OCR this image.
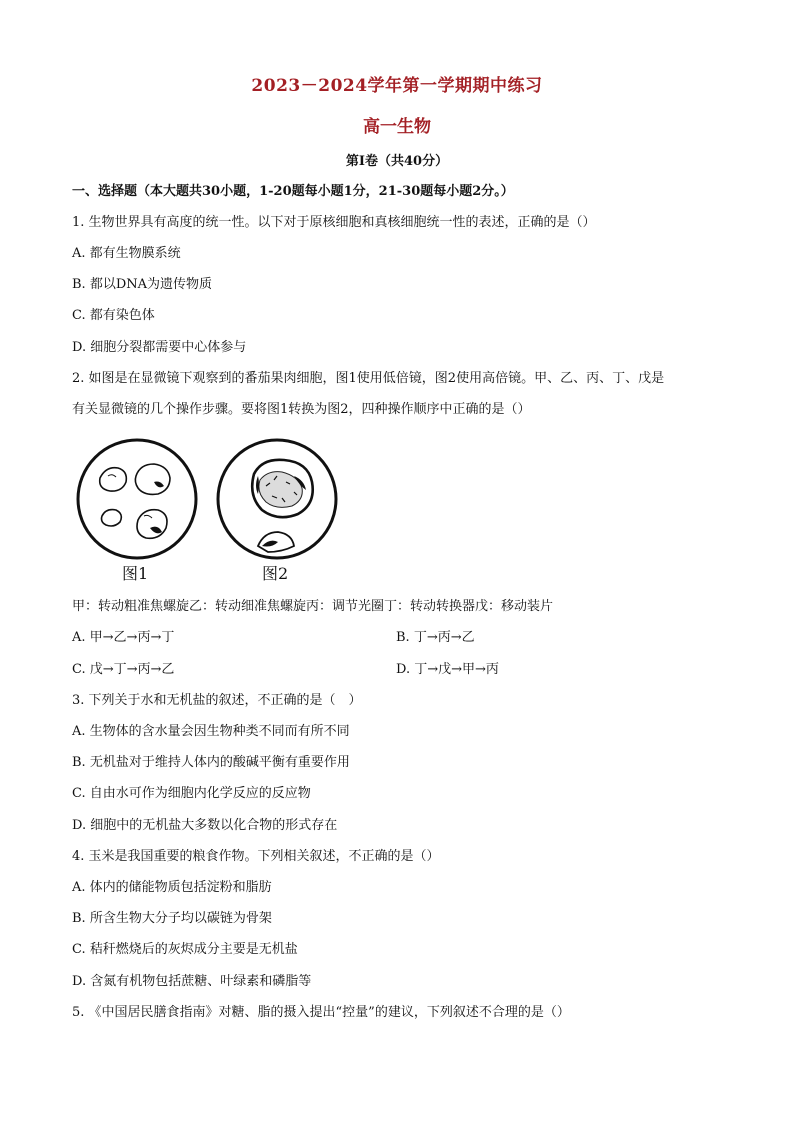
2023－2024学年第一学期期中练习
高一生物
第Ⅰ卷（共40分）
一、选择题（本大题共30小题，1-20题每小题1分，21-30题每小题2分。）
1. 生物世界具有高度的统一性。以下对于原核细胞和真核细胞统一性的表述，正确的是（）
A. 都有生物膜系统
B. 都以DNA为遗传物质
C. 都有染色体
D. 细胞分裂都需要中心体参与
2. 如图是在显微镜下观察到的番茄果肉细胞，图1使用低倍镜，图2使用高倍镜。甲、乙、丙、丁、戊是
有关显微镜的几个操作步骤。要将图1转换为图2，四种操作顺序中正确的是（）
图1	图2
甲：转动粗准焦螺旋乙：转动细准焦螺旋丙：调节光圈丁：转动转换器戊：移动装片
A. 甲→乙→丙→丁	B. 丁→丙→乙
C. 戊→丁→丙→乙	D. 丁→戊→甲→丙
3. 下列关于水和无机盐的叙述，不正确的是（　）
A. 生物体的含水量会因生物种类不同而有所不同
B. 无机盐对于维持人体内的酸碱平衡有重要作用
C. 自由水可作为细胞内化学反应的反应物
D. 细胞中的无机盐大多数以化合物的形式存在
4. 玉米是我国重要的粮食作物。下列相关叙述，不正确的是（）
A. 体内的储能物质包括淀粉和脂肪
B. 所含生物大分子均以碳链为骨架
C. 秸秆燃烧后的灰烬成分主要是无机盐
D. 含氮有机物包括蔗糖、叶绿素和磷脂等
5. 《中国居民膳食指南》对糖、脂的摄入提出“控量”的建议，下列叙述不合理的是（）
